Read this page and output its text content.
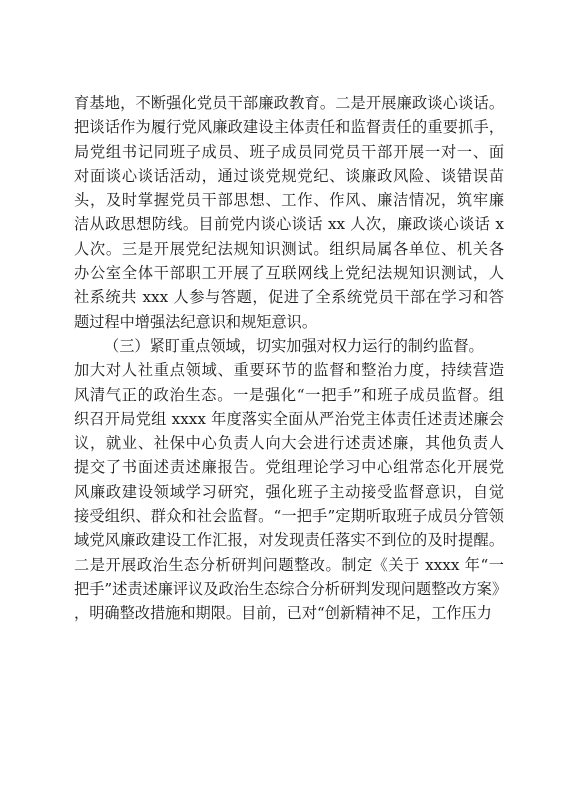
育基地，不断强化党员干部廉政教育。二是开展廉政谈心谈话。
把谈话作为履行党风廉政建设主体责任和监督责任的重要抓手，
局党组书记同班子成员、班子成员同党员干部开展一对一、面
对面谈心谈话活动，通过谈党规党纪、谈廉政风险、谈错误苗
头，及时掌握党员干部思想、工作、作风、廉洁情况，筑牢廉
洁从政思想防线。目前党内谈心谈话 xx 人次，廉政谈心谈话 x
人次。三是开展党纪法规知识测试。组织局属各单位、机关各
办公室全体干部职工开展了互联网线上党纪法规知识测试，人
社系统共 xxx 人参与答题，促进了全系统党员干部在学习和答
题过程中增强法纪意识和规矩意识。
（三）紧盯重点领域，切实加强对权力运行的制约监督。
加大对人社重点领域、重要环节的监督和整治力度，持续营造
风清气正的政治生态。一是强化“一把手”和班子成员监督。组
织召开局党组 xxxx 年度落实全面从严治党主体责任述责述廉会
议，就业、社保中心负责人向大会进行述责述廉，其他负责人
提交了书面述责述廉报告。党组理论学习中心组常态化开展党
风廉政建设领域学习研究，强化班子主动接受监督意识，自觉
接受组织、群众和社会监督。“一把手”定期听取班子成员分管领
域党风廉政建设工作汇报，对发现责任落实不到位的及时提醒。
二是开展政治生态分析研判问题整改。制定《关于 xxxx 年“一
把手”述责述廉评议及政治生态综合分析研判发现问题整改方案》
，明确整改措施和期限。目前，已对“创新精神不足，工作压力
